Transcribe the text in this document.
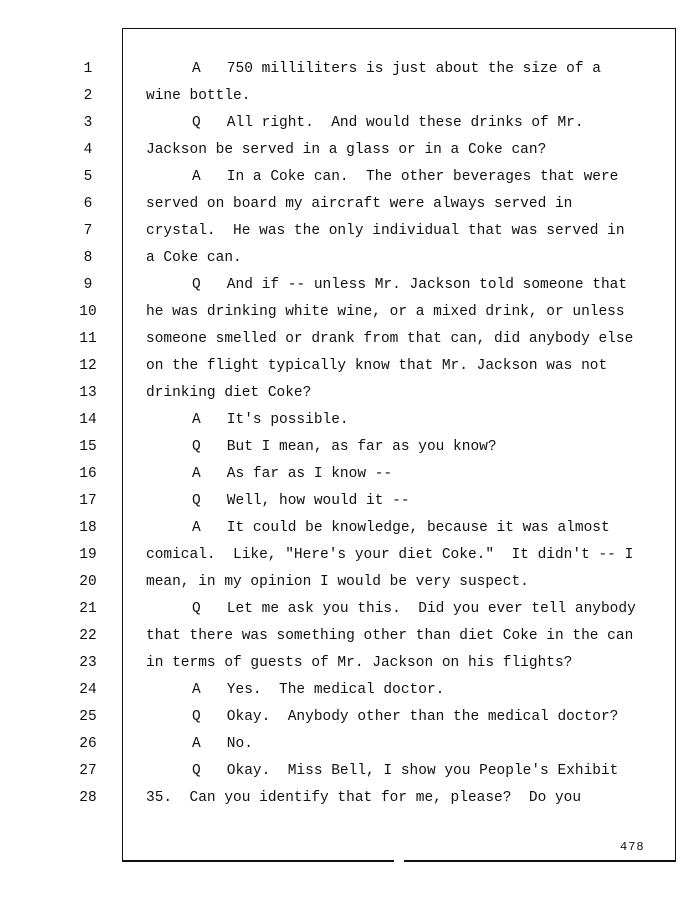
1
2
3
4
5
6
7
8
9
10
11
12
13
14
15
16
17
18
19
20
21
22
23
24
25
26
27
28
A   750 milliliters is just about the size of a
wine bottle.
Q   All right.  And would these drinks of Mr.
Jackson be served in a glass or in a Coke can?
A   In a Coke can.  The other beverages that were
served on board my aircraft were always served in
crystal.  He was the only individual that was served in
a Coke can.
Q   And if -- unless Mr. Jackson told someone that
he was drinking white wine, or a mixed drink, or unless
someone smelled or drank from that can, did anybody else
on the flight typically know that Mr. Jackson was not
drinking diet Coke?
A   It's possible.
Q   But I mean, as far as you know?
A   As far as I know --
Q   Well, how would it --
A   It could be knowledge, because it was almost
comical.  Like, "Here's your diet Coke."  It didn't -- I
mean, in my opinion I would be very suspect.
Q   Let me ask you this.  Did you ever tell anybody
that there was something other than diet Coke in the can
in terms of guests of Mr. Jackson on his flights?
A   Yes.  The medical doctor.
Q   Okay.  Anybody other than the medical doctor?
A   No.
Q   Okay.  Miss Bell, I show you People's Exhibit
35.  Can you identify that for me, please?  Do you
478
